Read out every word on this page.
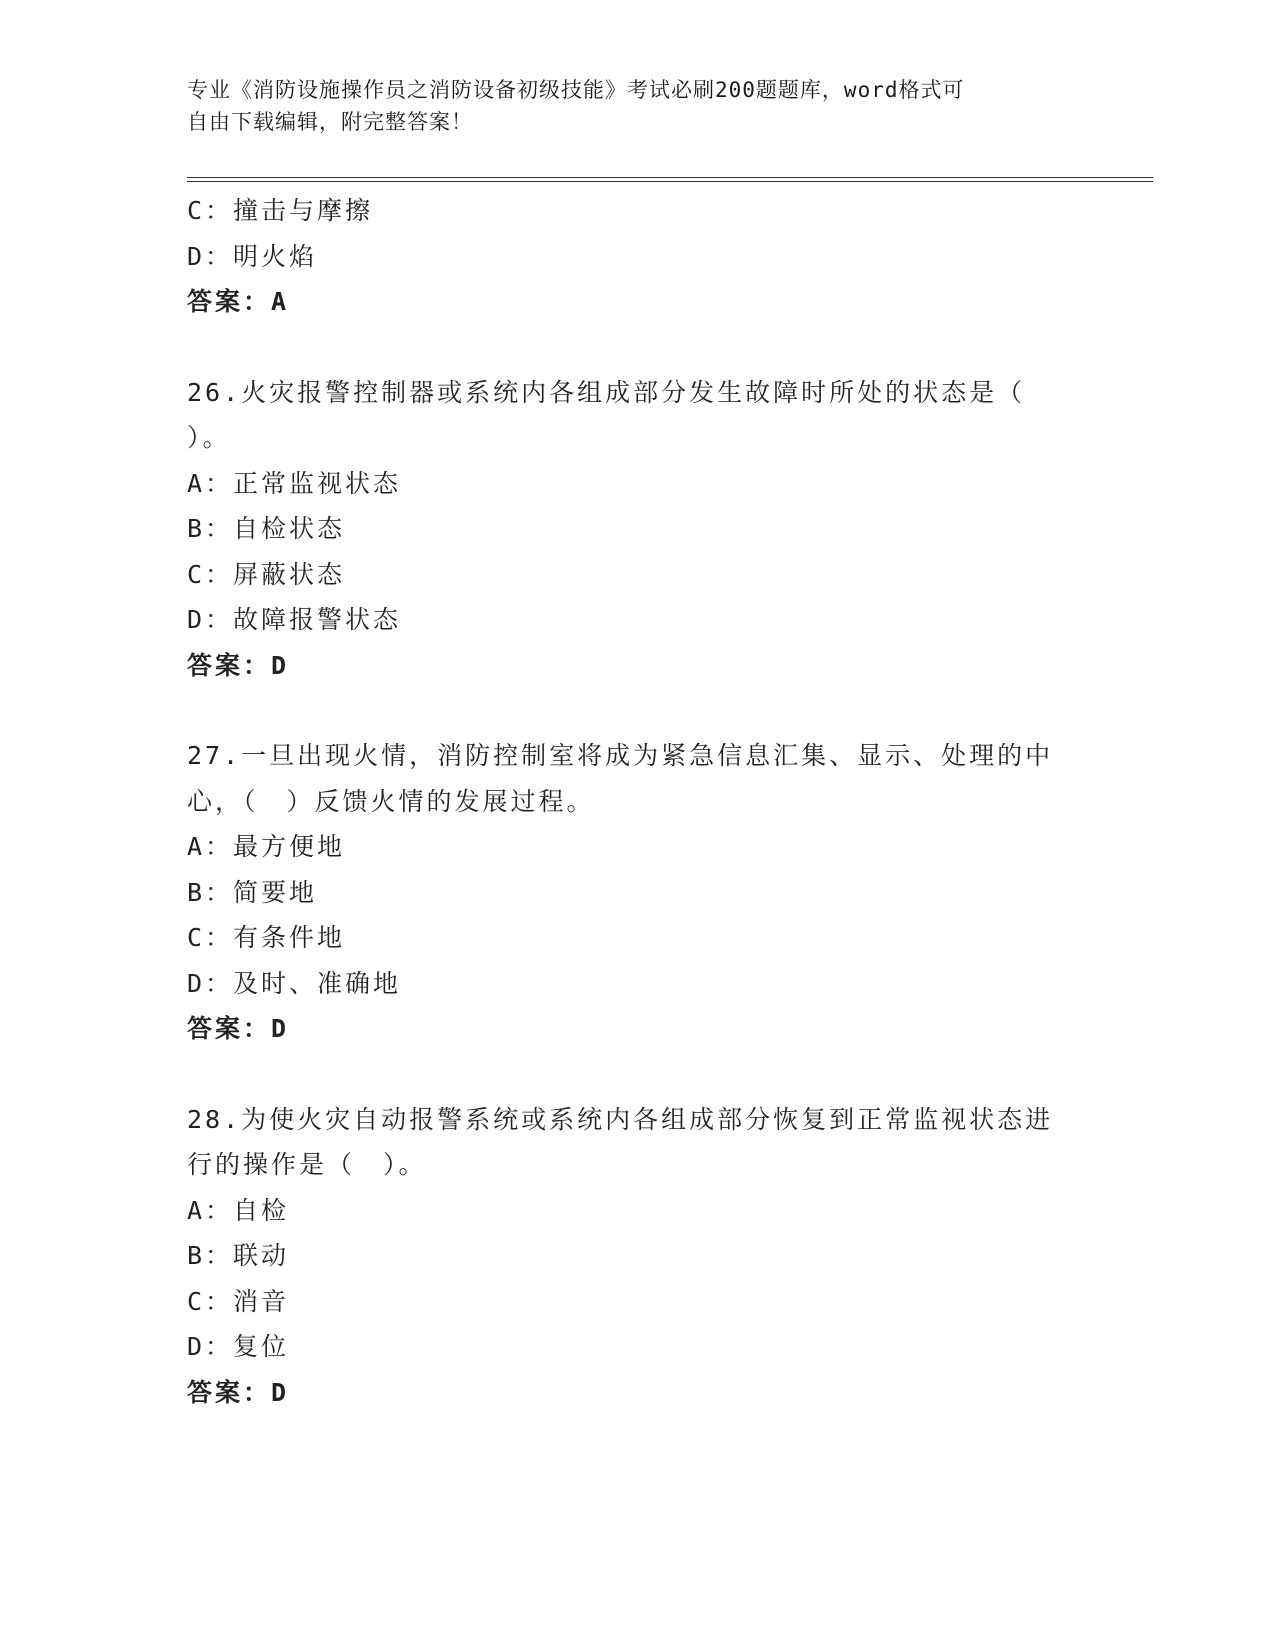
专业《消防设施操作员之消防设备初级技能》考试必刷200题题库，word格式可
自由下载编辑，附完整答案！
C：撞击与摩擦
D：明火焰
答案：A
26.火灾报警控制器或系统内各组成部分发生故障时所处的状态是（
）。
A：正常监视状态
B：自检状态
C：屏蔽状态
D：故障报警状态
答案：D
27.一旦出现火情，消防控制室将成为紧急信息汇集、显示、处理的中
心，（　）反馈火情的发展过程。
A：最方便地
B：简要地
C：有条件地
D：及时、准确地
答案：D
28.为使火灾自动报警系统或系统内各组成部分恢复到正常监视状态进
行的操作是（　）。
A：自检
B：联动
C：消音
D：复位
答案：D
